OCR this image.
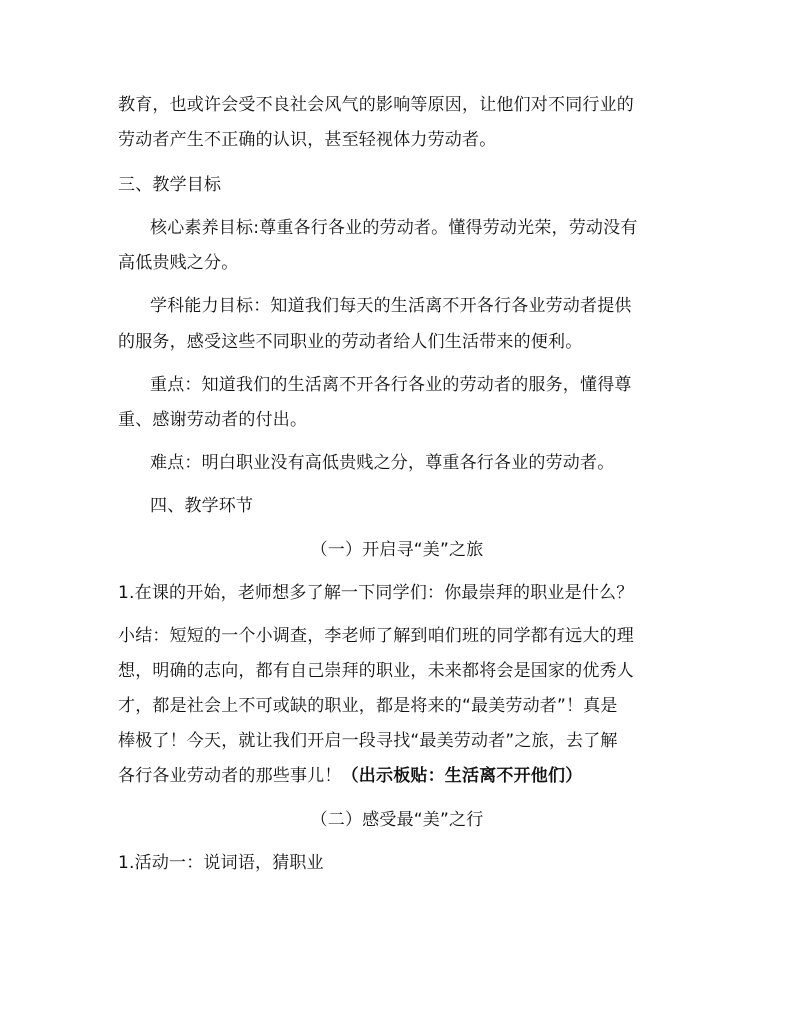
教育，也或许会受不良社会风气的影响等原因，让他们对不同行业的
劳动者产生不正确的认识，甚至轻视体力劳动者。
三、教学目标
核心素养目标:尊重各行各业的劳动者。懂得劳动光荣，劳动没有
高低贵贱之分。
学科能力目标：知道我们每天的生活离不开各行各业劳动者提供
的服务，感受这些不同职业的劳动者给人们生活带来的便利。
重点：知道我们的生活离不开各行各业的劳动者的服务，懂得尊
重、感谢劳动者的付出。
难点：明白职业没有高低贵贱之分，尊重各行各业的劳动者。
四、教学环节
（一）开启寻“美”之旅
1.在课的开始，老师想多了解一下同学们：你最崇拜的职业是什么？
小结：短短的一个小调查，李老师了解到咱们班的同学都有远大的理
想，明确的志向，都有自己崇拜的职业，未来都将会是国家的优秀人
才，都是社会上不可或缺的职业，都是将来的“最美劳动者”！真是
棒极了！今天，就让我们开启一段寻找“最美劳动者”之旅，去了解
各行各业劳动者的那些事儿！（出示板贴：生活离不开他们）
（二）感受最“美”之行
1.活动一：说词语，猜职业
